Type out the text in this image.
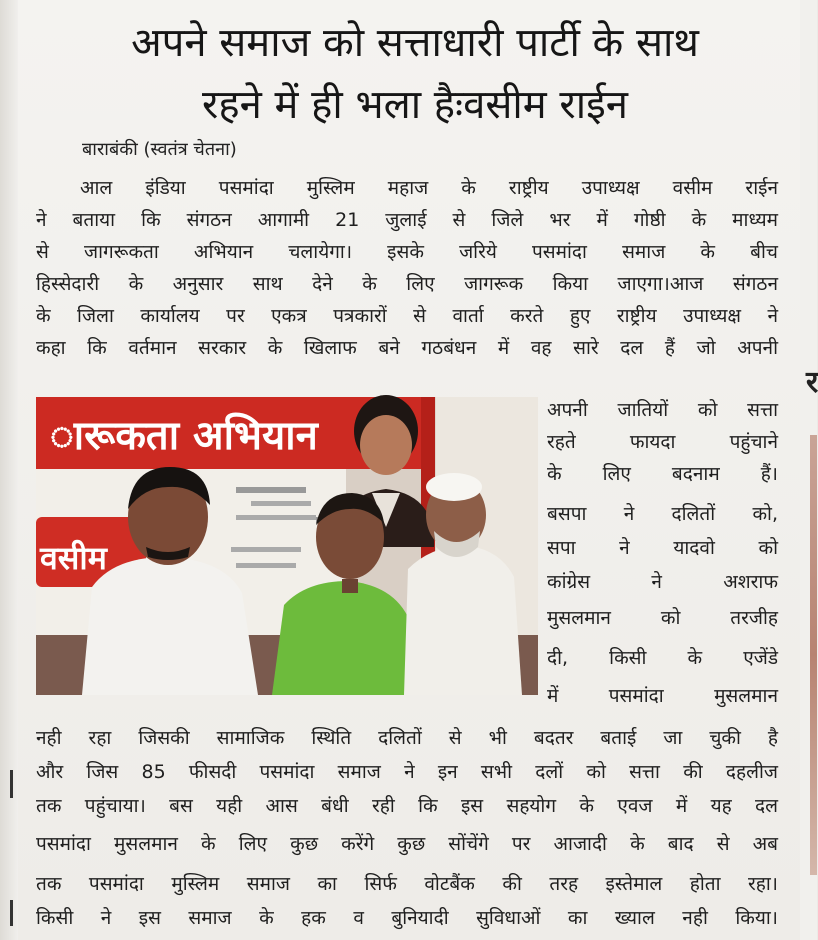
र
अपने समाज को सत्ताधारी पार्टी के साथ
रहने में ही भला हैःवसीम राईन
बाराबंकी (स्वतंत्र चेतना)
आल इंडिया पसमांदा मुस्लिम महाज के राष्ट्रीय उपाध्यक्ष वसीम राईन
ने बताया कि संगठन आगामी 21 जुलाई से जिले भर में गोष्ठी के माध्यम
से जागरूकता अभियान चलायेगा। इसके जरिये पसमांदा समाज के बीच
हिस्सेदारी के अनुसार साथ देने के लिए जागरूक किया जाएगा।आज संगठन
के जिला कार्यालय पर एकत्र पत्रकारों से वार्ता करते हुए राष्ट्रीय उपाध्यक्ष ने
कहा कि वर्तमान सरकार के खिलाफ बने गठबंधन में वह सारे दल हैं जो अपनी
ारूकता अभियान
वसीम
अपनी जातियों को सत्ता
रहते फायदा पहुंचाने
के लिए बदनाम हैं।
बसपा ने दलितों को,
सपा ने यादवो को
कांग्रेस ने अशराफ
मुसलमान को तरजीह
दी, किसी के एजेंडे
में पसमांदा मुसलमान
नही रहा जिसकी सामाजिक स्थिति दलितों से भी बदतर बताई जा चुकी है
और जिस 85 फीसदी पसमांदा समाज ने इन सभी दलों को सत्ता की दहलीज
तक पहुंचाया। बस यही आस बंधी रही कि इस सहयोग के एवज में यह दल
पसमांदा मुसलमान के लिए कुछ करेंगे कुछ सोंचेंगे पर आजादी के बाद से अब
तक पसमांदा मुस्लिम समाज का सिर्फ वोटबैंक की तरह इस्तेमाल होता रहा।
किसी ने इस समाज के हक व बुनियादी सुविधाओं का ख्याल नही किया।
